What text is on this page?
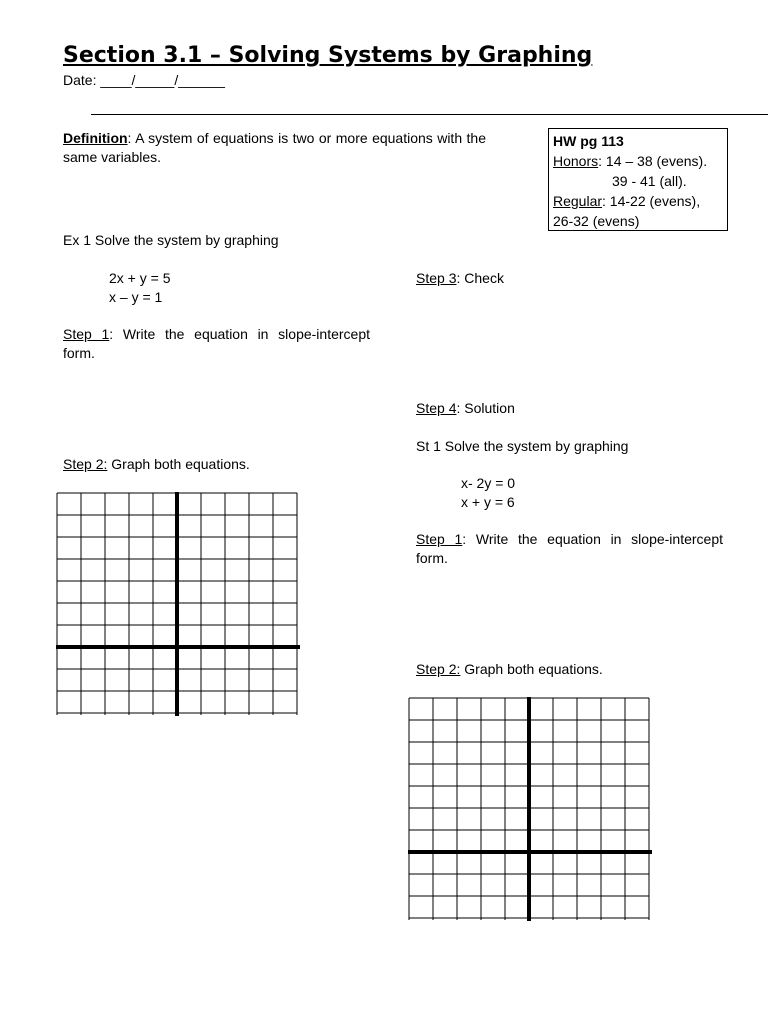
Section 3.1 – Solving Systems by Graphing
Date: ____/_____/______
Definition: A system of equations is two or more equations with the same variables.
HW pg 113
Honors: 14 – 38 (evens).
39 - 41 (all).
Regular: 14-22 (evens),
26-32 (evens)
Ex 1 Solve the system by graphing
2x + y = 5
x – y = 1
Step 1: Write the equation in slope-intercept
form.
Step 2: Graph both equations.
Step 3: Check
Step 4: Solution
St 1 Solve the system by graphing
x- 2y = 0
x + y = 6
Step 1: Write the equation in slope-intercept
form.
Step 2: Graph both equations.
